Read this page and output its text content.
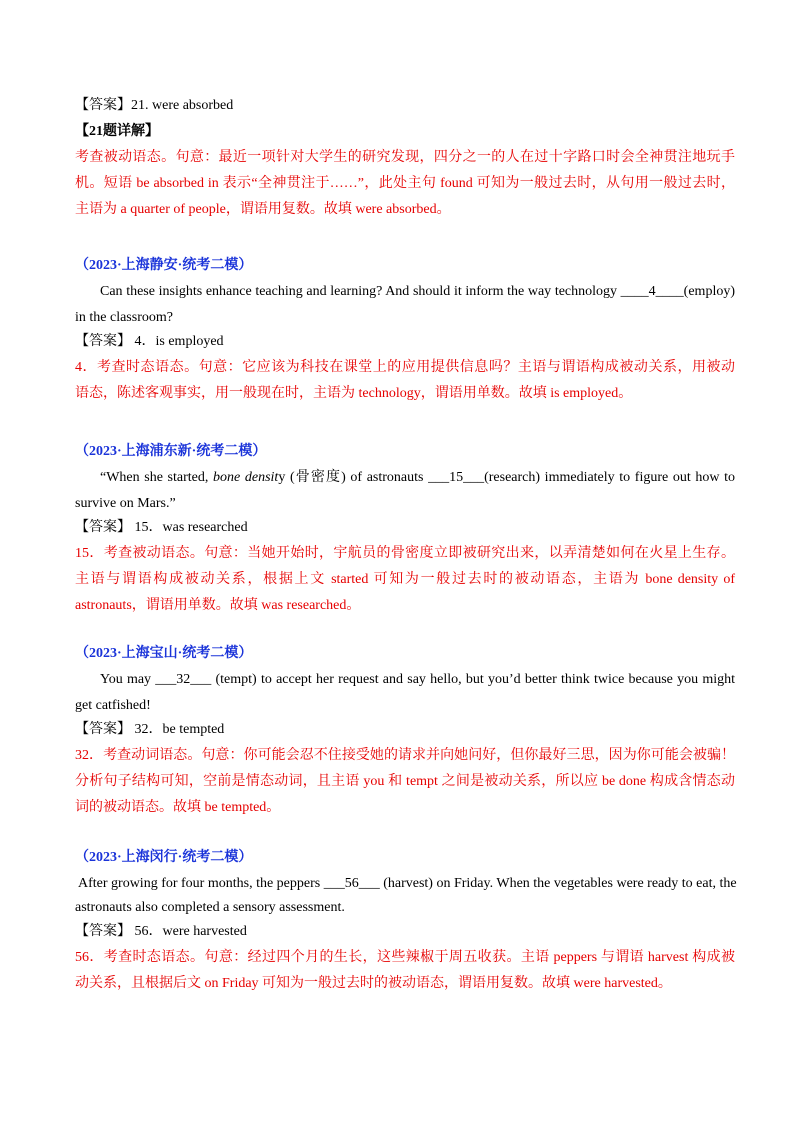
【答案】21. were absorbed
【21题详解】
考查被动语态。句意：最近一项针对大学生的研究发现，四分之一的人在过十字路口时会全神贯注地玩手
机。短语 be absorbed in 表示“全神贯注于……”，此处主句 found 可知为一般过去时，从句用一般过去时，
主语为 a quarter of people，谓语用复数。故填 were absorbed。
（2023·上海静安·统考二模）
Can these insights enhance teaching and learning? And should it inform the way technology ____4____(employ)
in the classroom?
【答案】 4．is employed
4．考查时态语态。句意：它应该为科技在课堂上的应用提供信息吗？主语与谓语构成被动关系，用被动
语态，陈述客观事实，用一般现在时，主语为 technology，谓语用单数。故填 is employed。
（2023·上海浦东新·统考二模）
“When she started, bone density (骨密度) of astronauts ___15___(research) immediately to figure out how to
survive on Mars.”
【答案】 15．was researched
15．考查被动语态。句意：当她开始时，宇航员的骨密度立即被研究出来，以弄清楚如何在火星上生存。
主语与谓语构成被动关系，根据上文 started 可知为一般过去时的被动语态，主语为 bone density of
astronauts，谓语用单数。故填 was researched。
（2023·上海宝山·统考二模）
You may ___32___ (tempt) to accept her request and say hello, but you’d better think twice because you might
get catfished!
【答案】 32．be tempted
32．考查动词语态。句意：你可能会忍不住接受她的请求并向她问好，但你最好三思，因为你可能会被骗！
分析句子结构可知，空前是情态动词，且主语 you 和 tempt 之间是被动关系，所以应 be done 构成含情态动
词的被动语态。故填 be tempted。
（2023·上海闵行·统考二模）
After growing for four months, the peppers ___56___ (harvest) on Friday. When the vegetables were ready to eat, the
astronauts also completed a sensory assessment.
【答案】 56．were harvested
56．考查时态语态。句意：经过四个月的生长，这些辣椒于周五收获。主语 peppers 与谓语 harvest 构成被
动关系，且根据后文 on Friday 可知为一般过去时的被动语态，谓语用复数。故填 were harvested。
